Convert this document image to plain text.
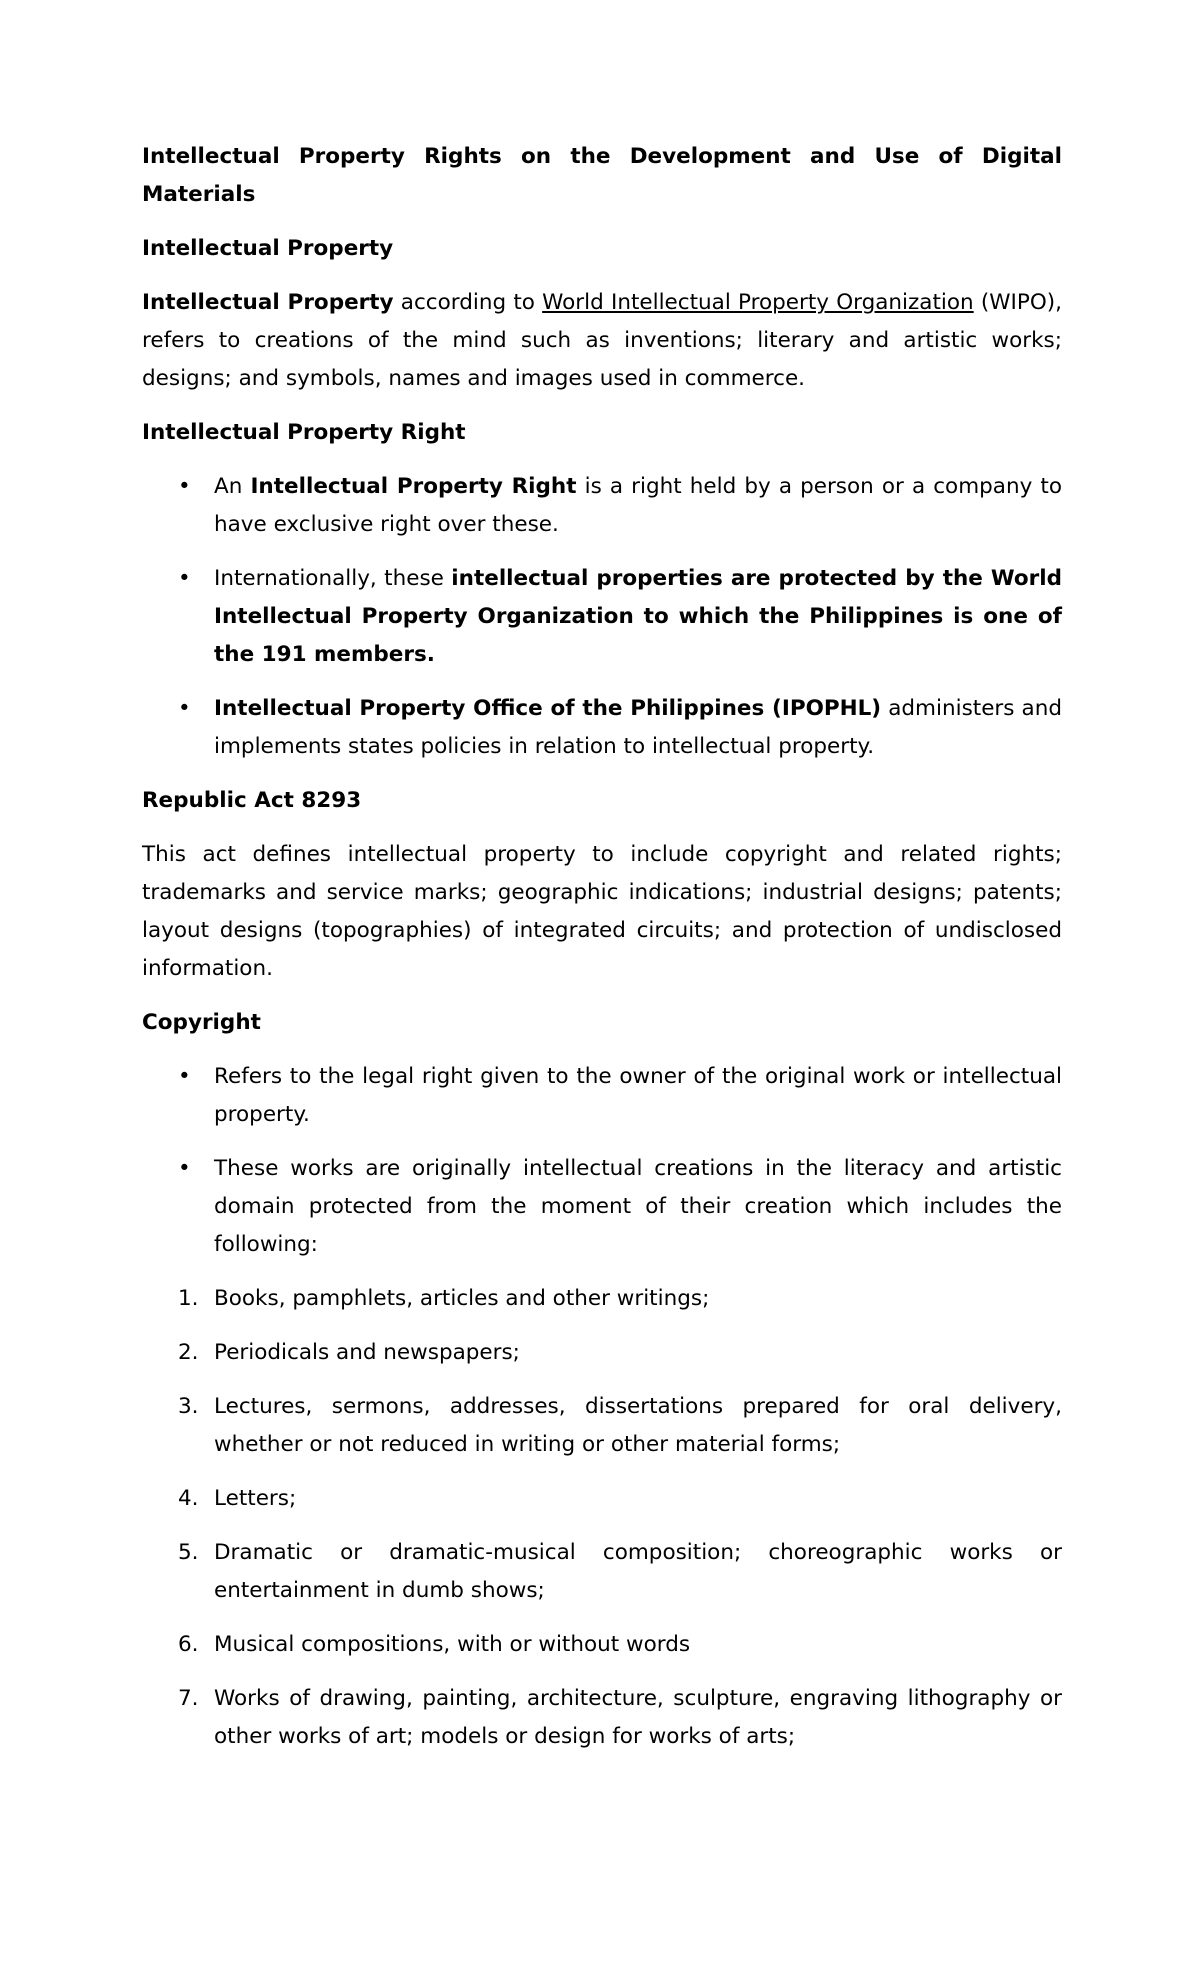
Intellectual Property Rights on the Development and Use of Digital Materials

Intellectual Property

Intellectual Property according to World Intellectual Property Organization (WIPO), refers to creations of the mind such as inventions; literary and artistic works; designs; and symbols, names and images used in commerce.

Intellectual Property Right

• An Intellectual Property Right is a right held by a person or a company to have exclusive right over these.
• Internationally, these intellectual properties are protected by the World Intellectual Property Organization to which the Philippines is one of the 191 members.
• Intellectual Property Office of the Philippines (IPOPHL) administers and implements states policies in relation to intellectual property.

Republic Act 8293

This act defines intellectual property to include copyright and related rights; trademarks and service marks; geographic indications; industrial designs; patents; layout designs (topographies) of integrated circuits; and protection of undisclosed information.

Copyright

• Refers to the legal right given to the owner of the original work or intellectual property.
• These works are originally intellectual creations in the literacy and artistic domain protected from the moment of their creation which includes the following:
1. Books, pamphlets, articles and other writings;
2. Periodicals and newspapers;
3. Lectures, sermons, addresses, dissertations prepared for oral delivery, whether or not reduced in writing or other material forms;
4. Letters;
5. Dramatic or dramatic-musical composition; choreographic works or entertainment in dumb shows;
6. Musical compositions, with or without words
7. Works of drawing, painting, architecture, sculpture, engraving lithography or other works of art; models or design for works of arts;
